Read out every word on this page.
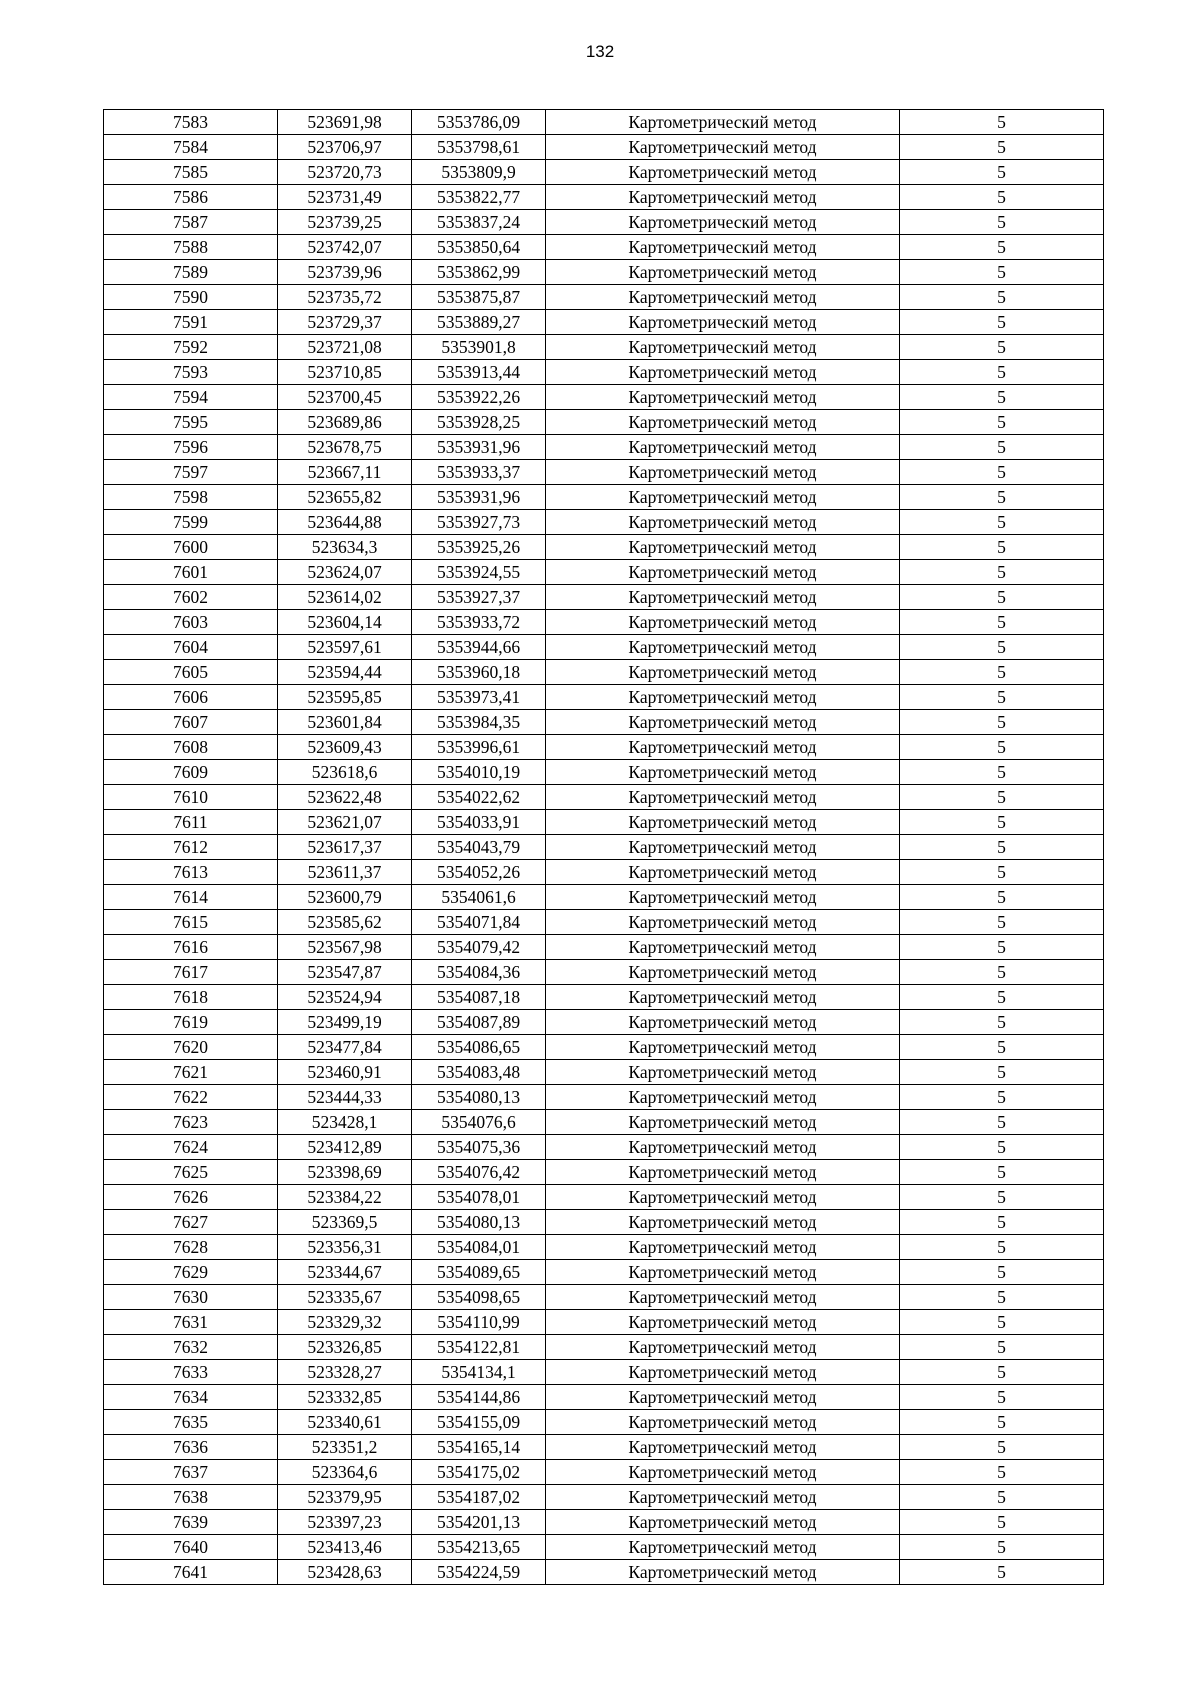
132
7583	523691,98	5353786,09	Картометрический метод	5
7584	523706,97	5353798,61	Картометрический метод	5
7585	523720,73	5353809,9	Картометрический метод	5
7586	523731,49	5353822,77	Картометрический метод	5
7587	523739,25	5353837,24	Картометрический метод	5
7588	523742,07	5353850,64	Картометрический метод	5
7589	523739,96	5353862,99	Картометрический метод	5
7590	523735,72	5353875,87	Картометрический метод	5
7591	523729,37	5353889,27	Картометрический метод	5
7592	523721,08	5353901,8	Картометрический метод	5
7593	523710,85	5353913,44	Картометрический метод	5
7594	523700,45	5353922,26	Картометрический метод	5
7595	523689,86	5353928,25	Картометрический метод	5
7596	523678,75	5353931,96	Картометрический метод	5
7597	523667,11	5353933,37	Картометрический метод	5
7598	523655,82	5353931,96	Картометрический метод	5
7599	523644,88	5353927,73	Картометрический метод	5
7600	523634,3	5353925,26	Картометрический метод	5
7601	523624,07	5353924,55	Картометрический метод	5
7602	523614,02	5353927,37	Картометрический метод	5
7603	523604,14	5353933,72	Картометрический метод	5
7604	523597,61	5353944,66	Картометрический метод	5
7605	523594,44	5353960,18	Картометрический метод	5
7606	523595,85	5353973,41	Картометрический метод	5
7607	523601,84	5353984,35	Картометрический метод	5
7608	523609,43	5353996,61	Картометрический метод	5
7609	523618,6	5354010,19	Картометрический метод	5
7610	523622,48	5354022,62	Картометрический метод	5
7611	523621,07	5354033,91	Картометрический метод	5
7612	523617,37	5354043,79	Картометрический метод	5
7613	523611,37	5354052,26	Картометрический метод	5
7614	523600,79	5354061,6	Картометрический метод	5
7615	523585,62	5354071,84	Картометрический метод	5
7616	523567,98	5354079,42	Картометрический метод	5
7617	523547,87	5354084,36	Картометрический метод	5
7618	523524,94	5354087,18	Картометрический метод	5
7619	523499,19	5354087,89	Картометрический метод	5
7620	523477,84	5354086,65	Картометрический метод	5
7621	523460,91	5354083,48	Картометрический метод	5
7622	523444,33	5354080,13	Картометрический метод	5
7623	523428,1	5354076,6	Картометрический метод	5
7624	523412,89	5354075,36	Картометрический метод	5
7625	523398,69	5354076,42	Картометрический метод	5
7626	523384,22	5354078,01	Картометрический метод	5
7627	523369,5	5354080,13	Картометрический метод	5
7628	523356,31	5354084,01	Картометрический метод	5
7629	523344,67	5354089,65	Картометрический метод	5
7630	523335,67	5354098,65	Картометрический метод	5
7631	523329,32	5354110,99	Картометрический метод	5
7632	523326,85	5354122,81	Картометрический метод	5
7633	523328,27	5354134,1	Картометрический метод	5
7634	523332,85	5354144,86	Картометрический метод	5
7635	523340,61	5354155,09	Картометрический метод	5
7636	523351,2	5354165,14	Картометрический метод	5
7637	523364,6	5354175,02	Картометрический метод	5
7638	523379,95	5354187,02	Картометрический метод	5
7639	523397,23	5354201,13	Картометрический метод	5
7640	523413,46	5354213,65	Картометрический метод	5
7641	523428,63	5354224,59	Картометрический метод	5
